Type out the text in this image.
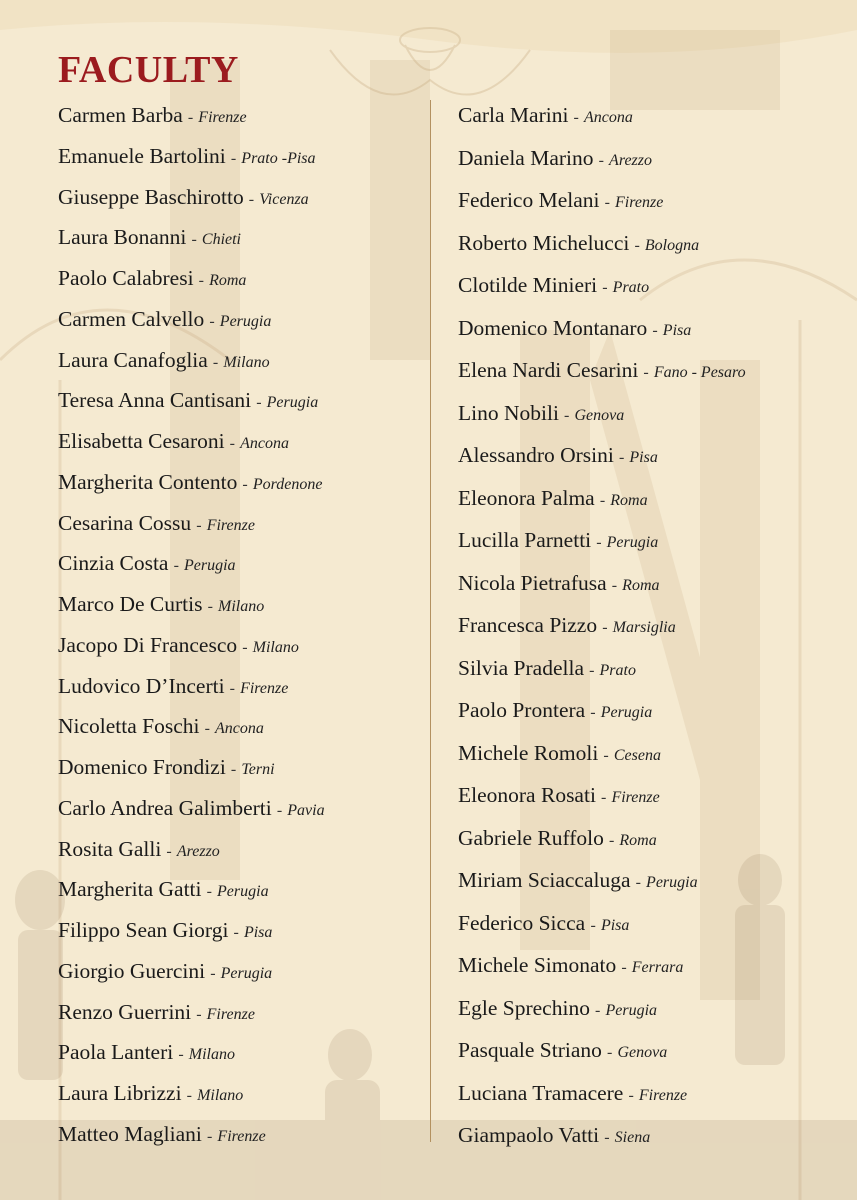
FACULTY
Carmen Barba - Firenze
Emanuele Bartolini - Prato -Pisa
Giuseppe Baschirotto - Vicenza
Laura Bonanni - Chieti
Paolo Calabresi - Roma
Carmen Calvello - Perugia
Laura Canafoglia - Milano
Teresa Anna Cantisani - Perugia
Elisabetta Cesaroni - Ancona
Margherita Contento - Pordenone
Cesarina Cossu - Firenze
Cinzia Costa - Perugia
Marco De Curtis - Milano
Jacopo Di Francesco - Milano
Ludovico D’Incerti - Firenze
Nicoletta Foschi - Ancona
Domenico Frondizi - Terni
Carlo Andrea Galimberti - Pavia
Rosita Galli - Arezzo
Margherita Gatti - Perugia
Filippo Sean Giorgi - Pisa
Giorgio Guercini - Perugia
Renzo Guerrini - Firenze
Paola Lanteri - Milano
Laura Librizzi - Milano
Matteo Magliani - Firenze
Carla Marini - Ancona
Daniela Marino - Arezzo
Federico Melani - Firenze
Roberto Michelucci - Bologna
Clotilde Minieri - Prato
Domenico Montanaro - Pisa
Elena Nardi Cesarini - Fano - Pesaro
Lino Nobili - Genova
Alessandro Orsini - Pisa
Eleonora Palma - Roma
Lucilla Parnetti - Perugia
Nicola Pietrafusa - Roma
Francesca Pizzo - Marsiglia
Silvia Pradella - Prato
Paolo Prontera - Perugia
Michele Romoli - Cesena
Eleonora Rosati - Firenze
Gabriele Ruffolo - Roma
Miriam Sciaccaluga - Perugia
Federico Sicca - Pisa
Michele Simonato - Ferrara
Egle Sprechino - Perugia
Pasquale Striano - Genova
Luciana Tramacere - Firenze
Giampaolo Vatti - Siena
